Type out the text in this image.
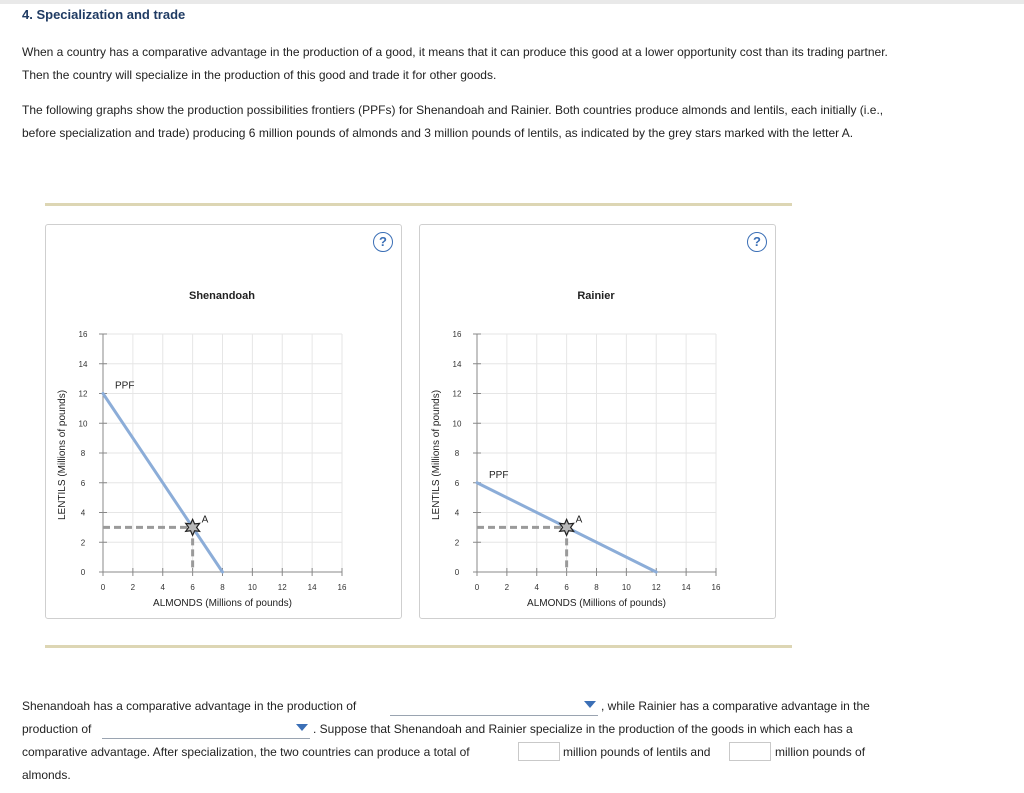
4. Specialization and trade
When a country has a comparative advantage in the production of a good, it means that it can produce this good at a lower opportunity cost than its trading partner. Then the country will specialize in the production of this good and trade it for other goods.
The following graphs show the production possibilities frontiers (PPFs) for Shenandoah and Rainier. Both countries produce almonds and lentils, each initially (i.e., before specialization and trade) producing 6 million pounds of almonds and 3 million pounds of lentils, as indicated by the grey stars marked with the letter A.
Shenandoah
0	2	4	6	8	10	12	14	16
0
2
4
6
8
10
12
14
16
ALMONDS (Millions of pounds)
LENTILS (Millions of pounds)
PPF
A
?
Rainier
0	2	4	6	8	10	12	14	16
0
2
4
6
8
10
12
14
16
ALMONDS (Millions of pounds)
LENTILS (Millions of pounds)	PPF
A
?
Shenandoah has a comparative advantage in the production of	, while Rainier has a comparative advantage in the
production of	. Suppose that Shenandoah and Rainier specialize in the production of the goods in which each has a
comparative advantage. After specialization, the two countries can produce a total of	million pounds of lentils and	million pounds of
almonds.
